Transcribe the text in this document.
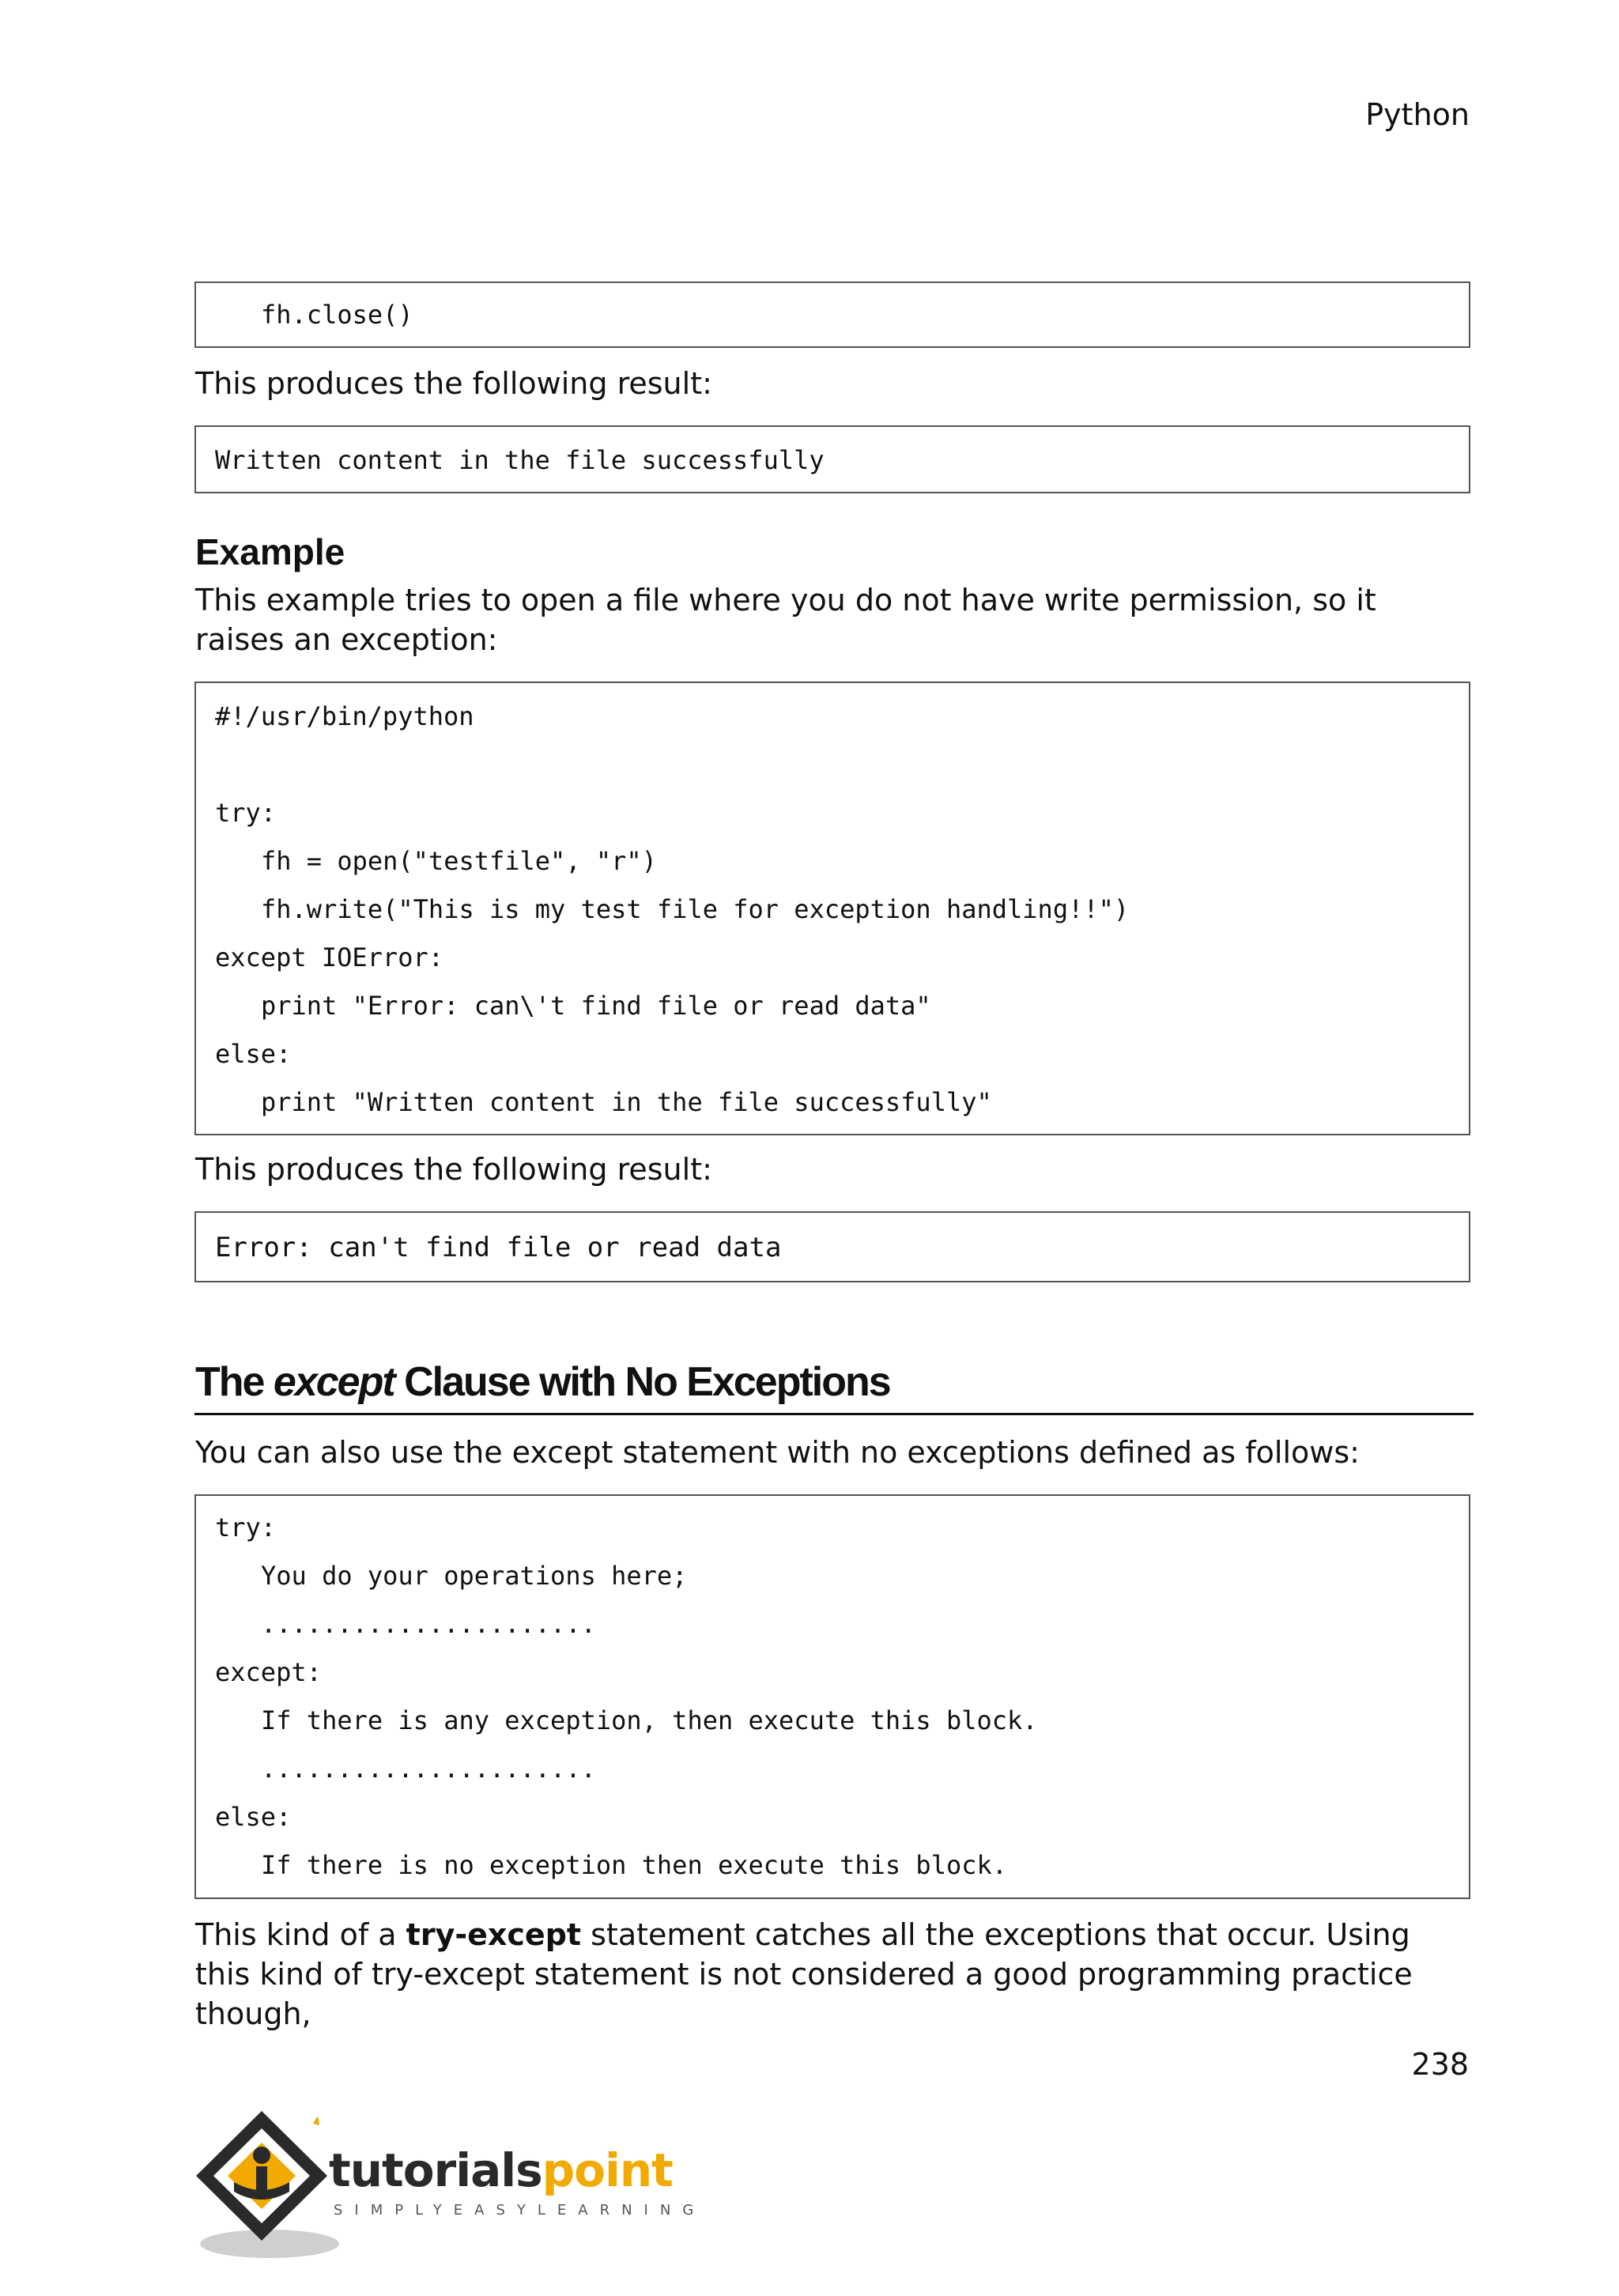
Python
fh.close()

This produces the following result:

Written content in the file successfully
Example

This example tries to open a file where you do not have write permission, so it raises an exception:

#!/usr/bin/python
try:
fh = open("testfile", "r")
fh.write("This is my test file for exception handling!!")
except IOError:
print "Error: can\'t find file or read data"
else:
print "Written content in the file successfully"

This produces the following result:

Error: can't find file or read data
The except Clause with No Exceptions

You can also use the except statement with no exceptions defined as follows:

try:
You do your operations here;
......................
except:
If there is any exception, then execute this block.
......................
else:
If there is no exception then execute this block.

This kind of a try-except statement catches all the exceptions that occur. Using this kind of try-except statement is not considered a good programming practice though,

238
tutorialspoint
SIMPLYEASYLEARNING
